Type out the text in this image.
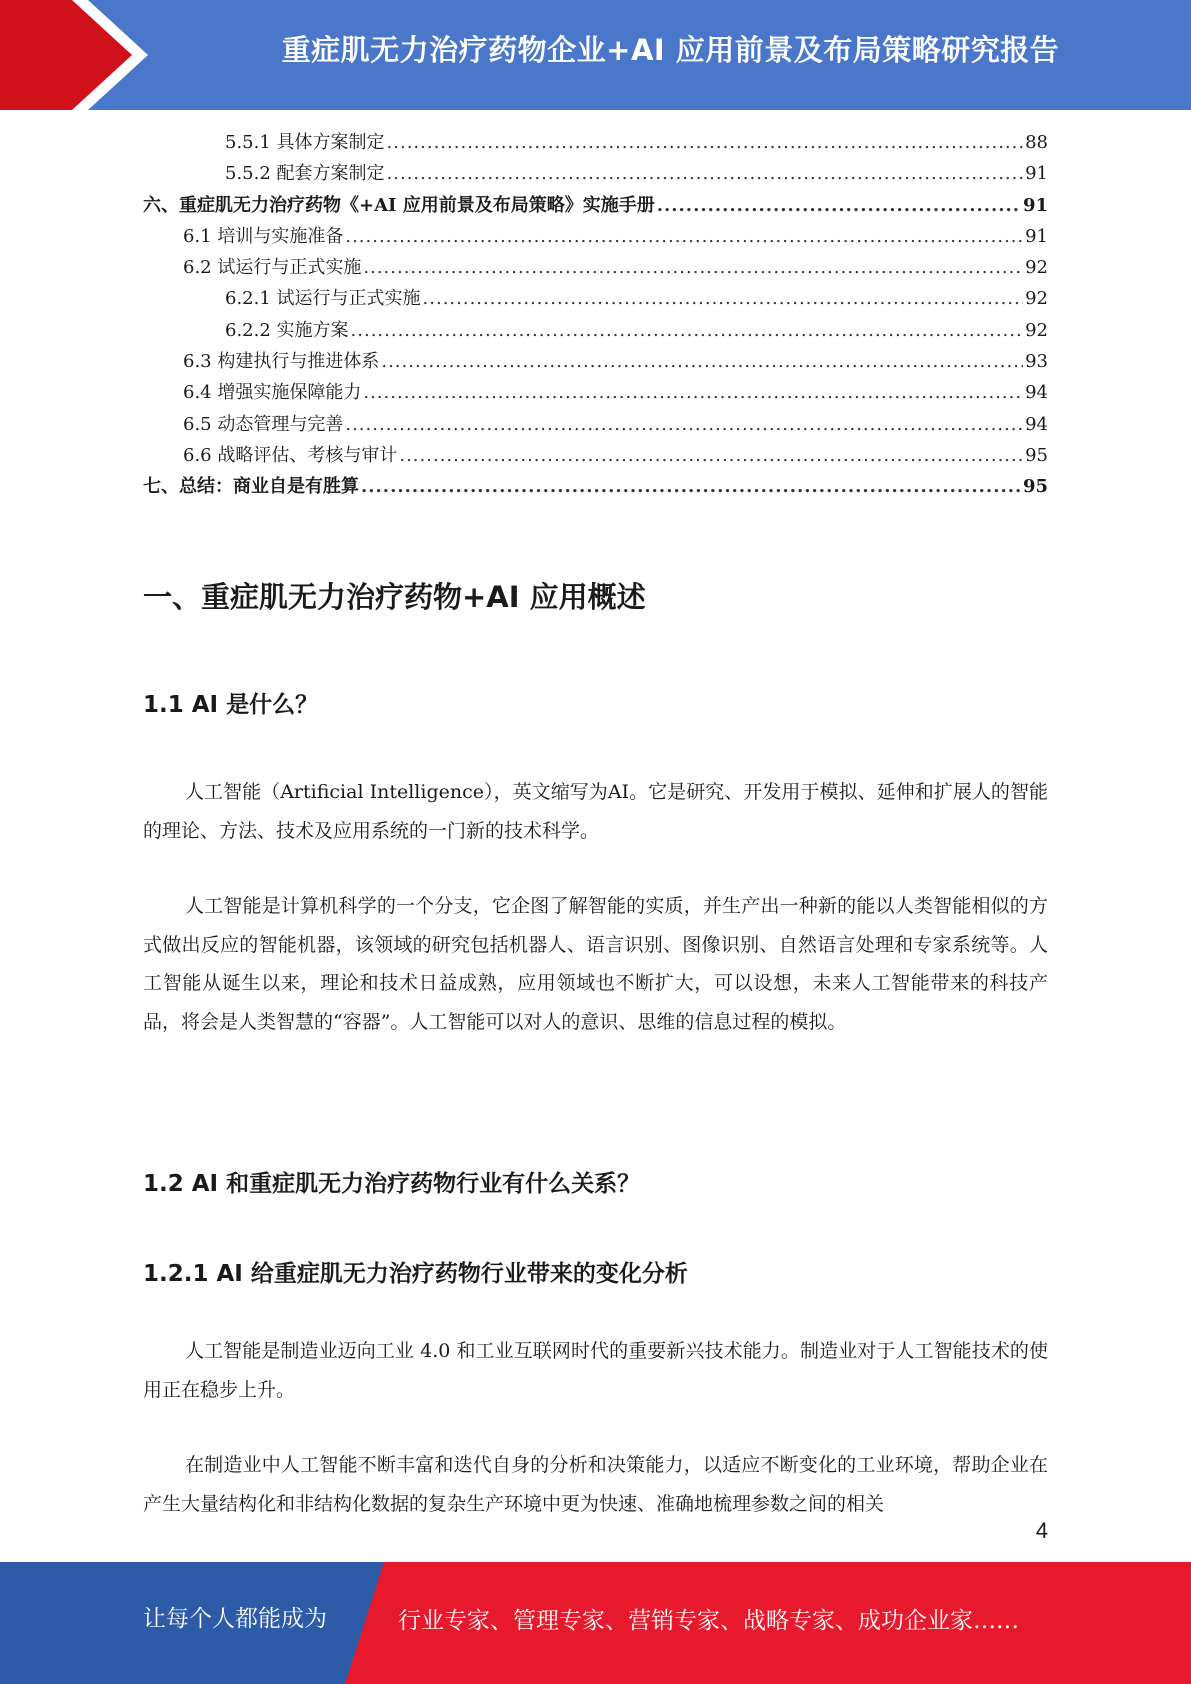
重症肌无力治疗药物企业+AI 应用前景及布局策略研究报告
5.5.1 具体方案制定 .....	88
5.5.2 配套方案制定 .....	91
六、重症肌无力治疗药物《+AI 应用前景及布局策略》实施手册 .....	91
6.1 培训与实施准备 .....	91
6.2 试运行与正式实施 .....	92
6.2.1 试运行与正式实施 .....	92
6.2.2 实施方案 .....	92
6.3 构建执行与推进体系 .....	93
6.4 增强实施保障能力 .....	94
6.5 动态管理与完善 .....	94
6.6 战略评估、考核与审计 .....	95
七、总结：商业自是有胜算 .....	95
一、重症肌无力治疗药物+AI 应用概述
1.1 AI 是什么？

人工智能（Artificial Intelligence），英文缩写为AI。它是研究、开发用于模拟、延伸和扩展人的智能的理论、方法、技术及应用系统的一门新的技术科学。

人工智能是计算机科学的一个分支，它企图了解智能的实质，并生产出一种新的能以人类智能相似的方式做出反应的智能机器，该领域的研究包括机器人、语言识别、图像识别、自然语言处理和专家系统等。人工智能从诞生以来，理论和技术日益成熟，应用领域也不断扩大，可以设想，未来人工智能带来的科技产品，将会是人类智慧的“容器”。人工智能可以对人的意识、思维的信息过程的模拟。

1.2 AI 和重症肌无力治疗药物行业有什么关系？
1.2.1 AI 给重症肌无力治疗药物行业带来的变化分析

人工智能是制造业迈向工业 4.0 和工业互联网时代的重要新兴技术能力。制造业对于人工智能技术的使用正在稳步上升。

在制造业中人工智能不断丰富和迭代自身的分析和决策能力，以适应不断变化的工业环境，帮助企业在产生大量结构化和非结构化数据的复杂生产环境中更为快速、准确地梳理参数之间的相关

4
让每个人都能成为	行业专家、管理专家、营销专家、战略专家、成功企业家……
